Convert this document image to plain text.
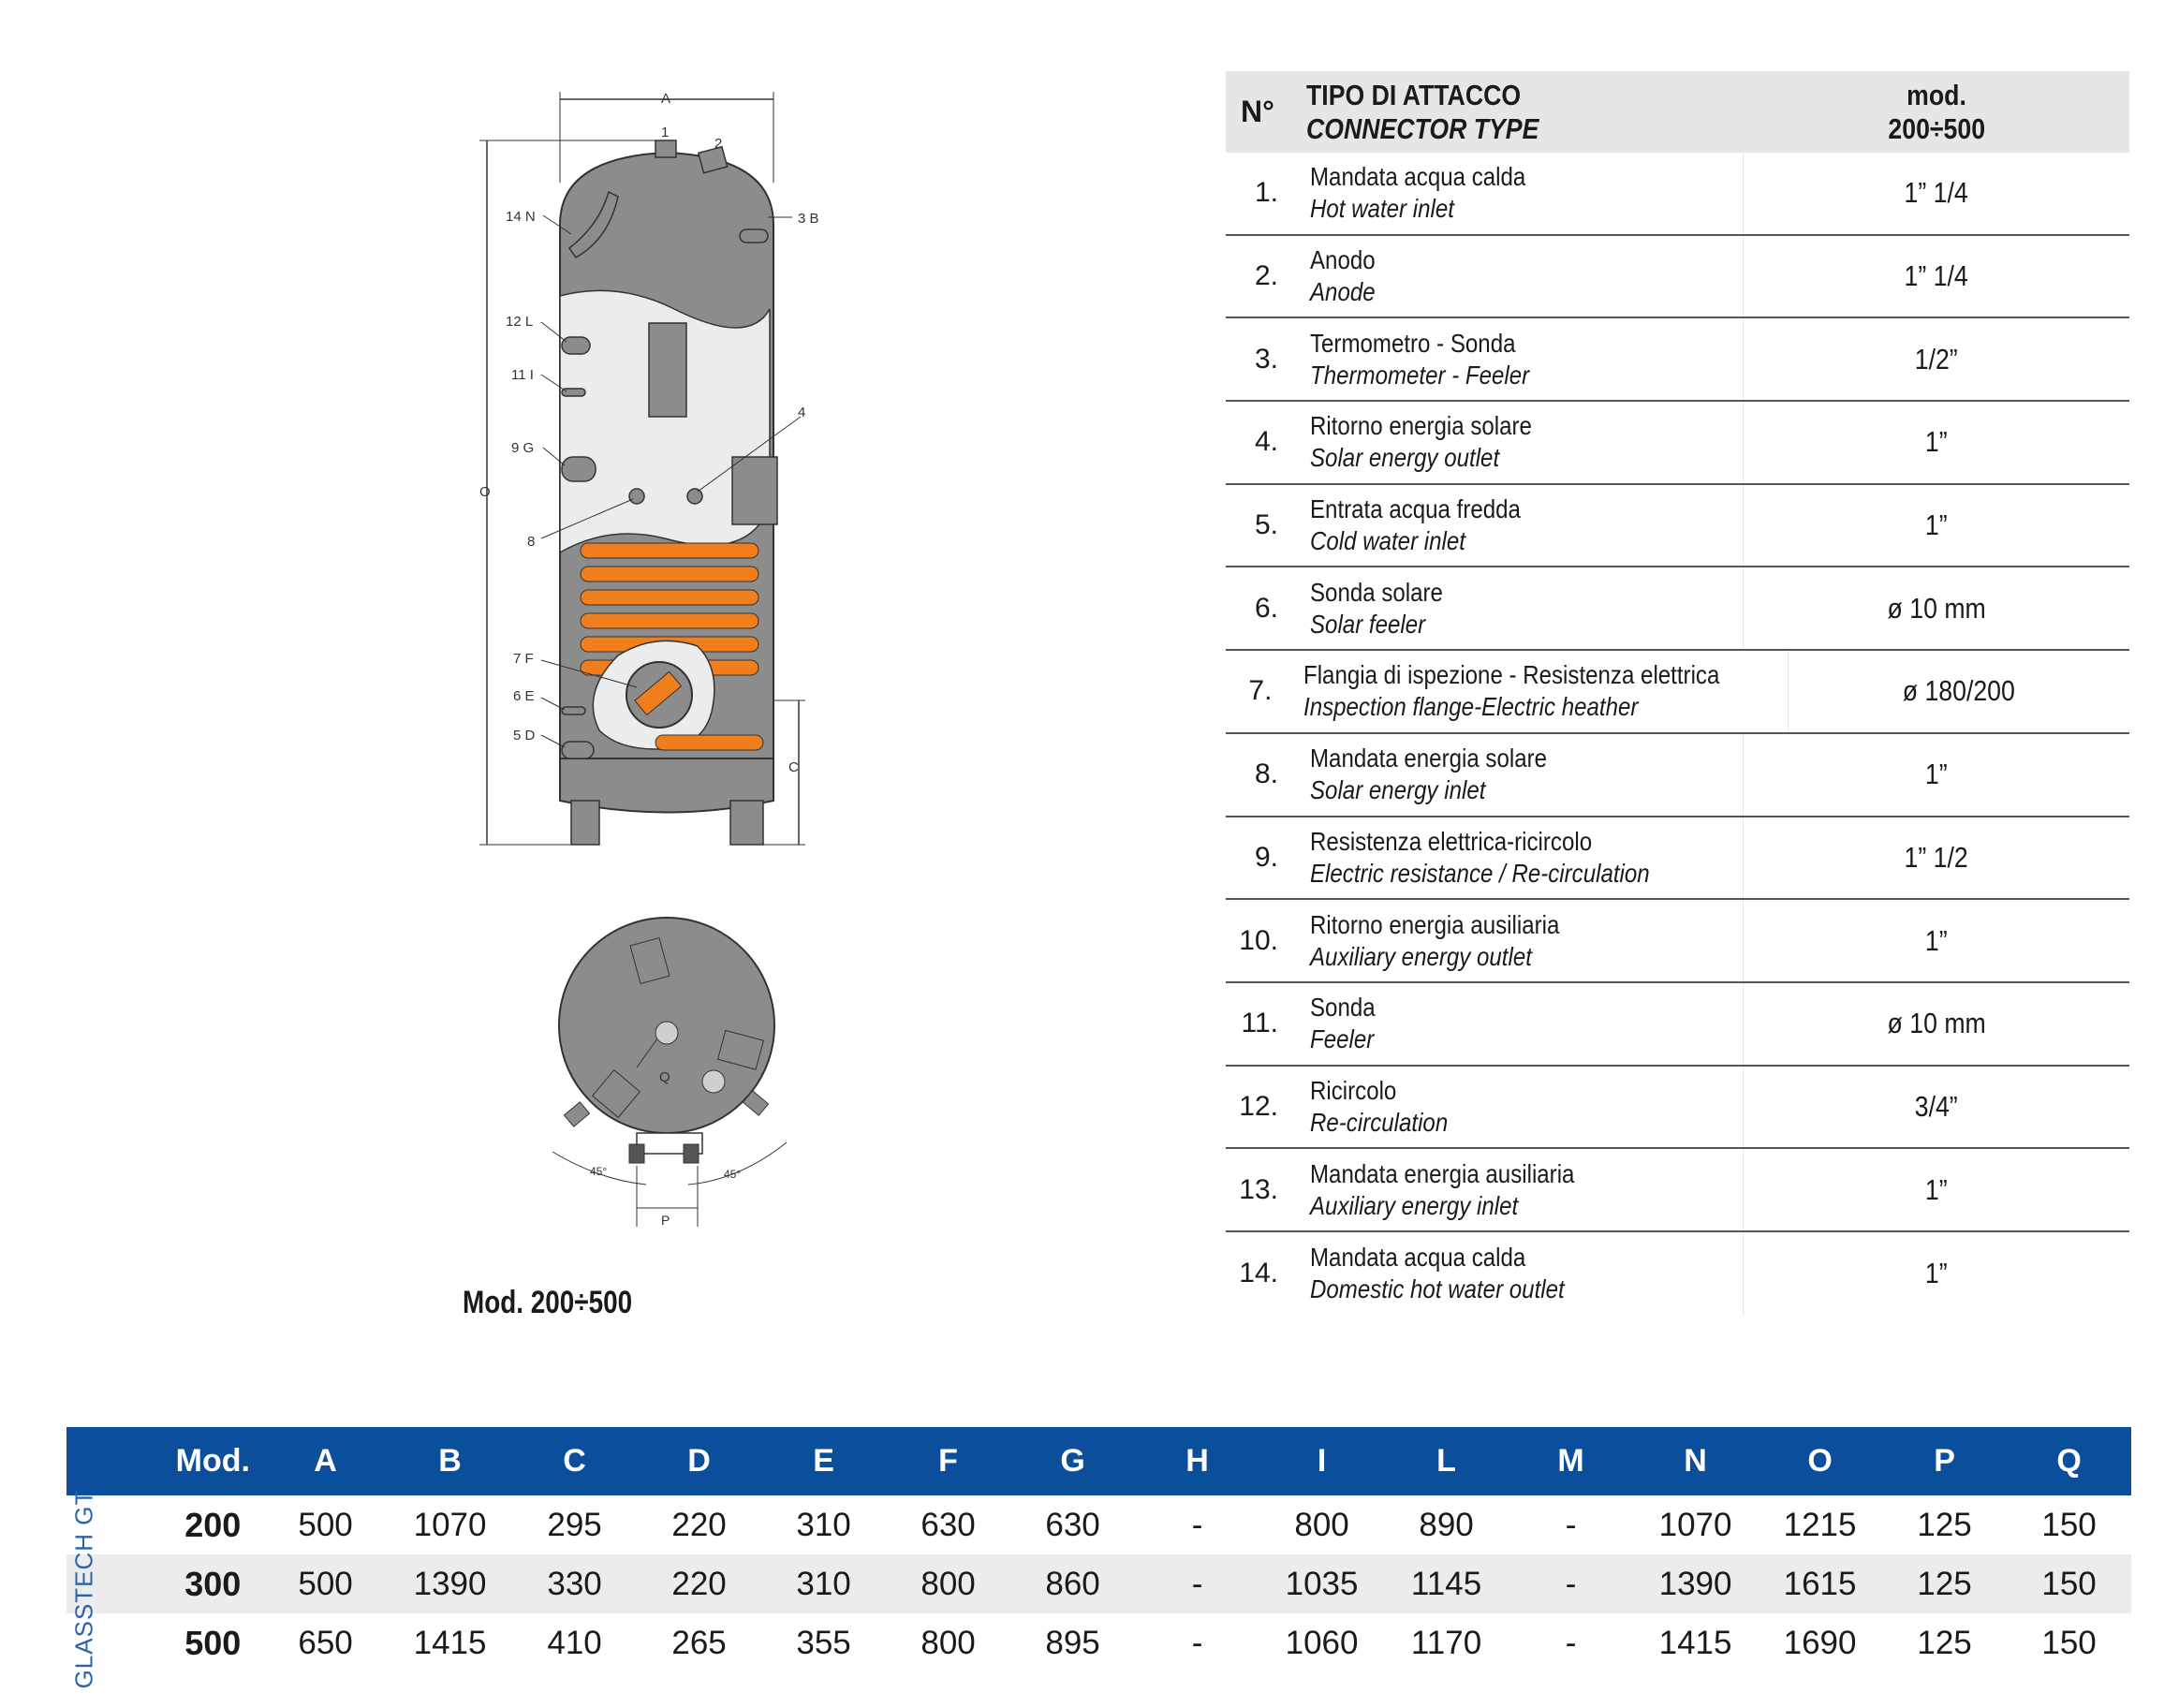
A
O
C
1
2
14 N	3 B
12 L
11 I
4
9 G
8
7 F
6 E
5 D
45°	45°
P
Q
Mod. 200÷500
N°	TIPO DI ATTACCO
CONNECTOR TYPE
mod.
200÷500
1.
Mandata acqua calda
Hot water inlet	1” 1/4
2.
Anodo
Anode	1” 1/4
3.
Termometro - Sonda
Thermometer - Feeler	1/2”
4.
Ritorno energia solare
Solar energy outlet	1”
5.
Entrata acqua fredda
Cold water inlet	1”
6.
Sonda solare
Solar feeler	ø 10 mm
7.
Flangia di ispezione - Resistenza elettrica
Inspection flange-Electric heather	ø 180/200
8.
Mandata energia solare
Solar energy inlet	1”
9.
Resistenza elettrica-ricircolo
Electric resistance / Re-circulation	1” 1/2
10.
Ritorno energia ausiliaria
Auxiliary energy outlet	1”
11.
Sonda
Feeler	ø 10 mm
12.
Ricircolo
Re-circulation	3/4”
13.
Mandata energia ausiliaria
Auxiliary energy inlet	1”
14.
Mandata acqua calda
Domestic hot water outlet	1”
Mod.	A	B	C	D	E	F	G	H	I	L	M	N	O	P	Q
200	500	1070	295	220	310	630	630	-	800	890	-	1070	1215	125	150
300	500	1390	330	220	310	800	860	-	1035	1145	-	1390	1615	125	150
500	650	1415	410	265	355	800	895	-	1060	1170	-	1415	1690	125	150
GLASSTECH GT
